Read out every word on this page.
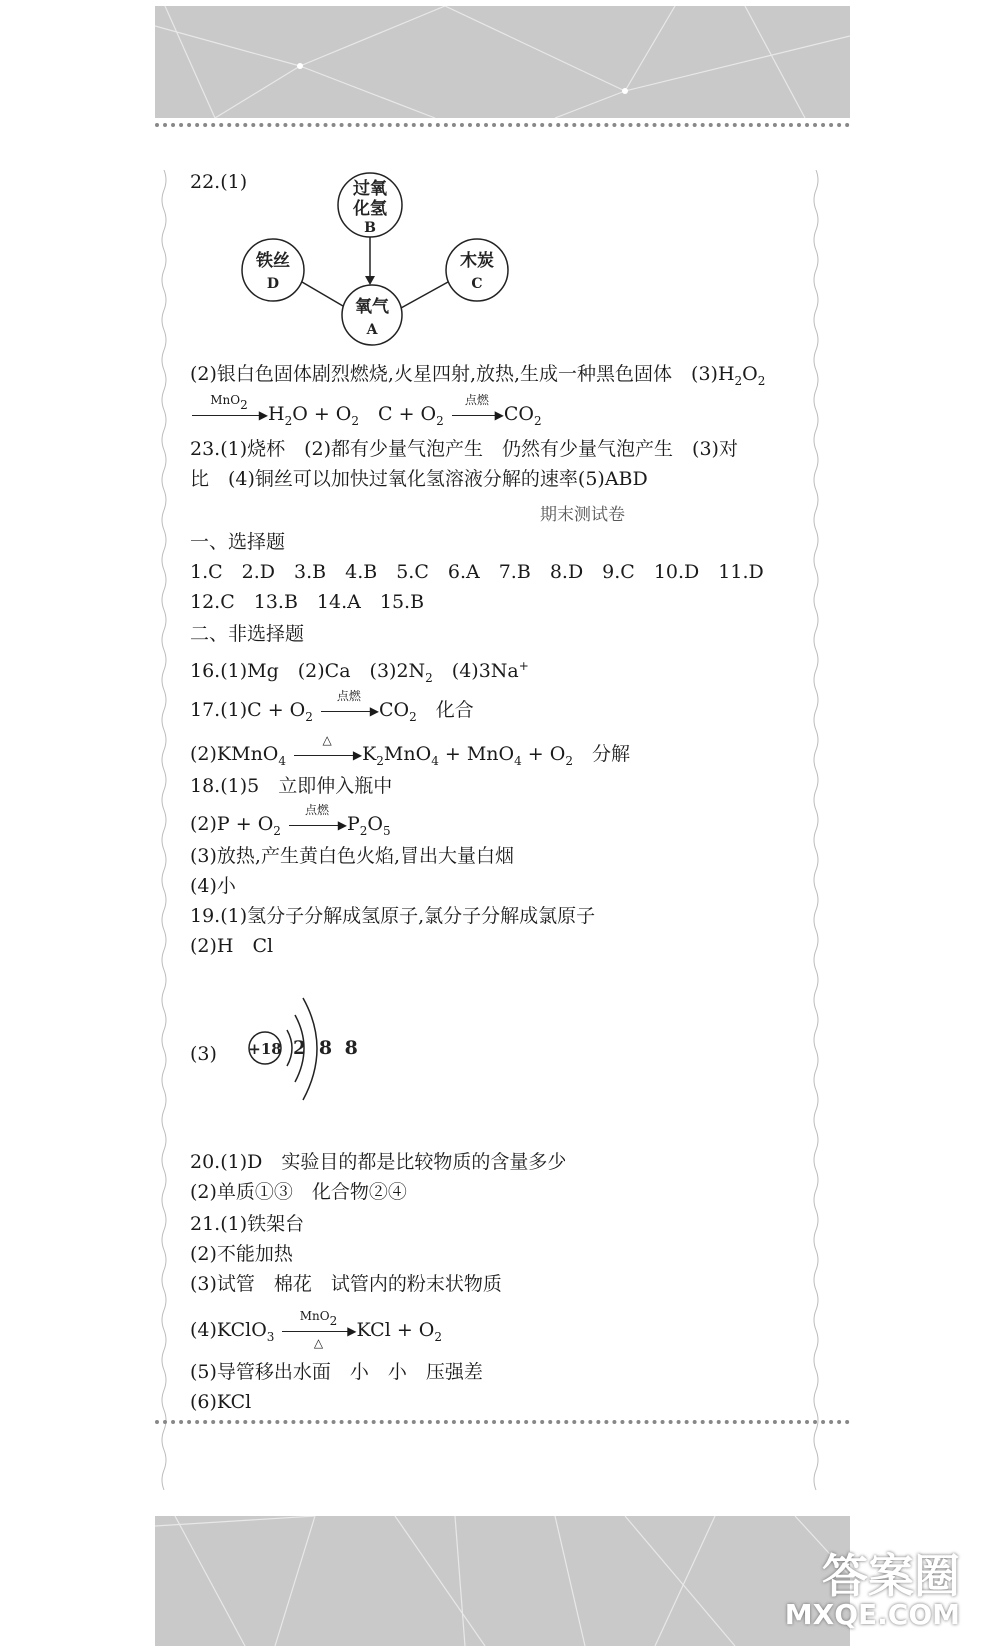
22.(1)	过氧
化氢
B
铁丝
D
木炭
C
氧气
A
(2)银白色固体剧烈燃烧,火星四射,放热,生成一种黑色固体　$(3)H_2O_2$
MnO2
▶ $H_2O + O_2$　$C + O_2$
点燃
▶ $CO_2$
23.(1)烧杯　(2)都有少量气泡产生　仍然有少量气泡产生　(3)对
比　(4)铜丝可以加快过氧化氢溶液分解的速率(5)ABD
期末测试卷
一、选择题
1.C　2.D　3.B　4.B　5.C　6.A　7.B　8.D　9.C　10.D　11.D
12.C　13.B　14.A　15.B
二、非选择题
16.(1)Mg　(2)Ca　$(3)2N_2$　(4)3Na+
$17.(1)C + O_2$
点燃
▶ $CO_2$　化合
(2)KMnO$_4$
△
▶ $K_2MnO_4 + MnO_4 + O_2$　分解
18.(1)5　立即伸入瓶中
$(2)P + O_2$
点燃
▶ $P_2O_5$
(3)放热,产生黄白色火焰,冒出大量白烟
(4)小
19.(1)氢分子分解成氢原子,氯分子分解成氯原子
(2)H　Cl
(3) +18 2 8 8
20.(1)D　实验目的都是比较物质的含量多少
(2)单质①③　化合物②④
21.(1)铁架台
(2)不能加热
(3)试管　棉花　试管内的粉末状物质
(4)KClO$_3$
MnO2
▶
△
KCl + $O_2$
(5)导管移出水面　小　小　压强差
(6)KCl
答案圈
MXQE.COM
